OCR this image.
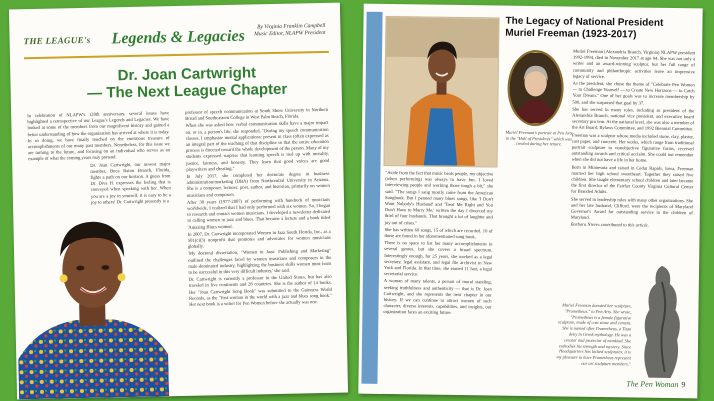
THE LEAGUE's Legends & Legacies
By Virginia Franklin Campbell
Music Editor, NLAPW President
Dr. Joan Cartwright
— The Next League Chapter
In celebration of NLAPW's 120th anniversary, several issues have highlighted a retrospective of our League's Legends and Legacies. We have looked at some of the members from our magnificent history and gained a better understanding of how the organization has arrived at where it is today. In so doing, we have finally touched on the enormous treasure of accomplishments of our many past members. Nonetheless, for this issue we are turning to the future, and focusing on an individual who serves as an example of what the coming years may portend.
Dr. Joan Cartwright, our newest major member, Boca Raton Branch, Florida, fights a path on our horizon. A guess from Dr. Diva H. expresses the feeling that is conveyed when speaking with her. When you are a joy to yourself, it is easy to be a joy to others! Dr. Cartwright presently is a
professor of speech communication at South Shore University in Northern Broad and Southeastern College in West Palm Beach, Florida.
When she was asked how verbal communication skills have a major impact on, or in, a person's life, she responded, "During my speech communication classes, I emphasize mental applications: present in class (often expressed as an integral part of the teaching of that discipline so that the entire education process is directed toward the whole development of the person. Many of my students expressed surprise that learning speech is tied up with morality, justice, fairness, and honesty. They learn that good voices are good playwriters and cheating."
In July 2017, she completed her doctorate degree in business administration/marketing (DBA) from Northcentral University in Arizona. She is a composer, lecturer, poet, author, and historian, primarily on women musicians and composers.
After 30 years (1977-2007) of performing with hundreds of musicians worldwide, I realized that I had only performed with six women. So, I began to research and contact women musicians. I developed a newsletter dedicated to calling women in jazz and blues. That became a lecture and a book titled 'Amazing Blues women'.
In 2007, Dr. Cartwright incorporated Women in Jazz South Florida, Inc., as a 501(c)(3) nonprofit that promotes and advocates for women musicians globally.
'My doctoral dissertation, "Women in Jazz: Publishing and Marketing" outlined the challenges faced by women musicians and composers in the male-dominated industry, highlighting the business skills women must learn to be successful in this very difficult industry,' she said.
Dr. Cartwright is currently a professor in the United States, but has also traveled in five continents and 28 countries. She is the author of 14 books. Her "Joan Cartwright Song Book" was submitted to the Guinness World Records, as the "first woman in the world with a jazz and blues song book." Her next book is a writer for Pen Women before she actually was one.
"Aside from the fact that music heals people, my objective (when performing) was always to have fun. I loved interviewing people and working those tough a bit," she said. "The songs I sang mostly came from the American Songbook. But I penned many blues songs, like 'I Don't Want Nobody's Husband' and 'Treat Me Right and You Don't Have to Marry Me,' written the day I divorced my third of four husbands. That brought a lot of laughter and joy out of crises."
She has written 60 songs, 15 of which are recorded. 10 of those are found in her aforementioned song book.
There is no space to list her many accomplishments in several genres, but she covers a broad spectrum. Interestingly enough, for 25 years, she worked as a legal secretary, legal assistant, and legal file archivist in New York and Florida. In that time, she earned 11 fast, a legal secretarial service.
A woman of many talents, a person of moral standing, seeking truthfulness and authenticity — that is Dr. Joan Cartwright, and she represents the next chapter in our history. If we can continue to attract women of such character, diverse interests, capabilities, and insights, our organization faces an exciting future.
The Legacy of National President
Muriel Freeman (1923-2017)
Muriel Freeman's portrait at Pen Arts in the "Hall of Presidents" which was created during her tenure.
Muriel Freeman (Alexandria Branch, Virginia) NLAPW president 1992-1994, died in November 2017 at age 94. She was not only a writer and an award-winning sculptor, but her full range of community and philanthropic activities leave an impressive legacy of service.
As the president, she chose the theme of "Celebrate Pen Women — to Challenge Yourself — to Create New Horizons — to Catch Your Dream." One of her goals was to increase membership by 500, and she surpassed that goal by 37.
She has served in many roles, including as president of the Alexandria Branch, national vice president, and executive board secretary pro tem. At the national level, she was also a member of the Art Board, Bylaws Committee, and 1992 Biennial Committee.
Freeman was a sculptor whose media included stone, clay, plaster, cast paper, and concrete. Her works, which range from traditional portrait sculpture to nonobjective figurative forms, received outstanding awards and critical acclaim. She could not remember when she did not have a life in her home.
Born in Minnesota and raised in Cedar Rapids, Iowa, Freeman married her high school sweetheart. Together they raised five children. She taught elementary school children and later became the first director of the Fairfax County Virginia Cultural Center for Branded Adults.
She served in leadership roles with many other organizations. She and her late husband, Clifford, were the recipients of Maryland Governor's Award for outstanding service to the children of Maryland.
Barbara Nieves contributed to this article.
Muriel Freeman donated her sculpture, "Prometheus," to Pen Arts. She wrote, "Prometheus is a female figurative sculpture, made of cast stone and cement. She is named after Prometheus, a Titan deity in Greek mythology. He was a creator and protector of mankind. She embodies his strength and mystery. Since Headquarters has lacked sculptures, it is my pleasure to have Prometheus represent our art sculpture members."
The Pen Woman 9
